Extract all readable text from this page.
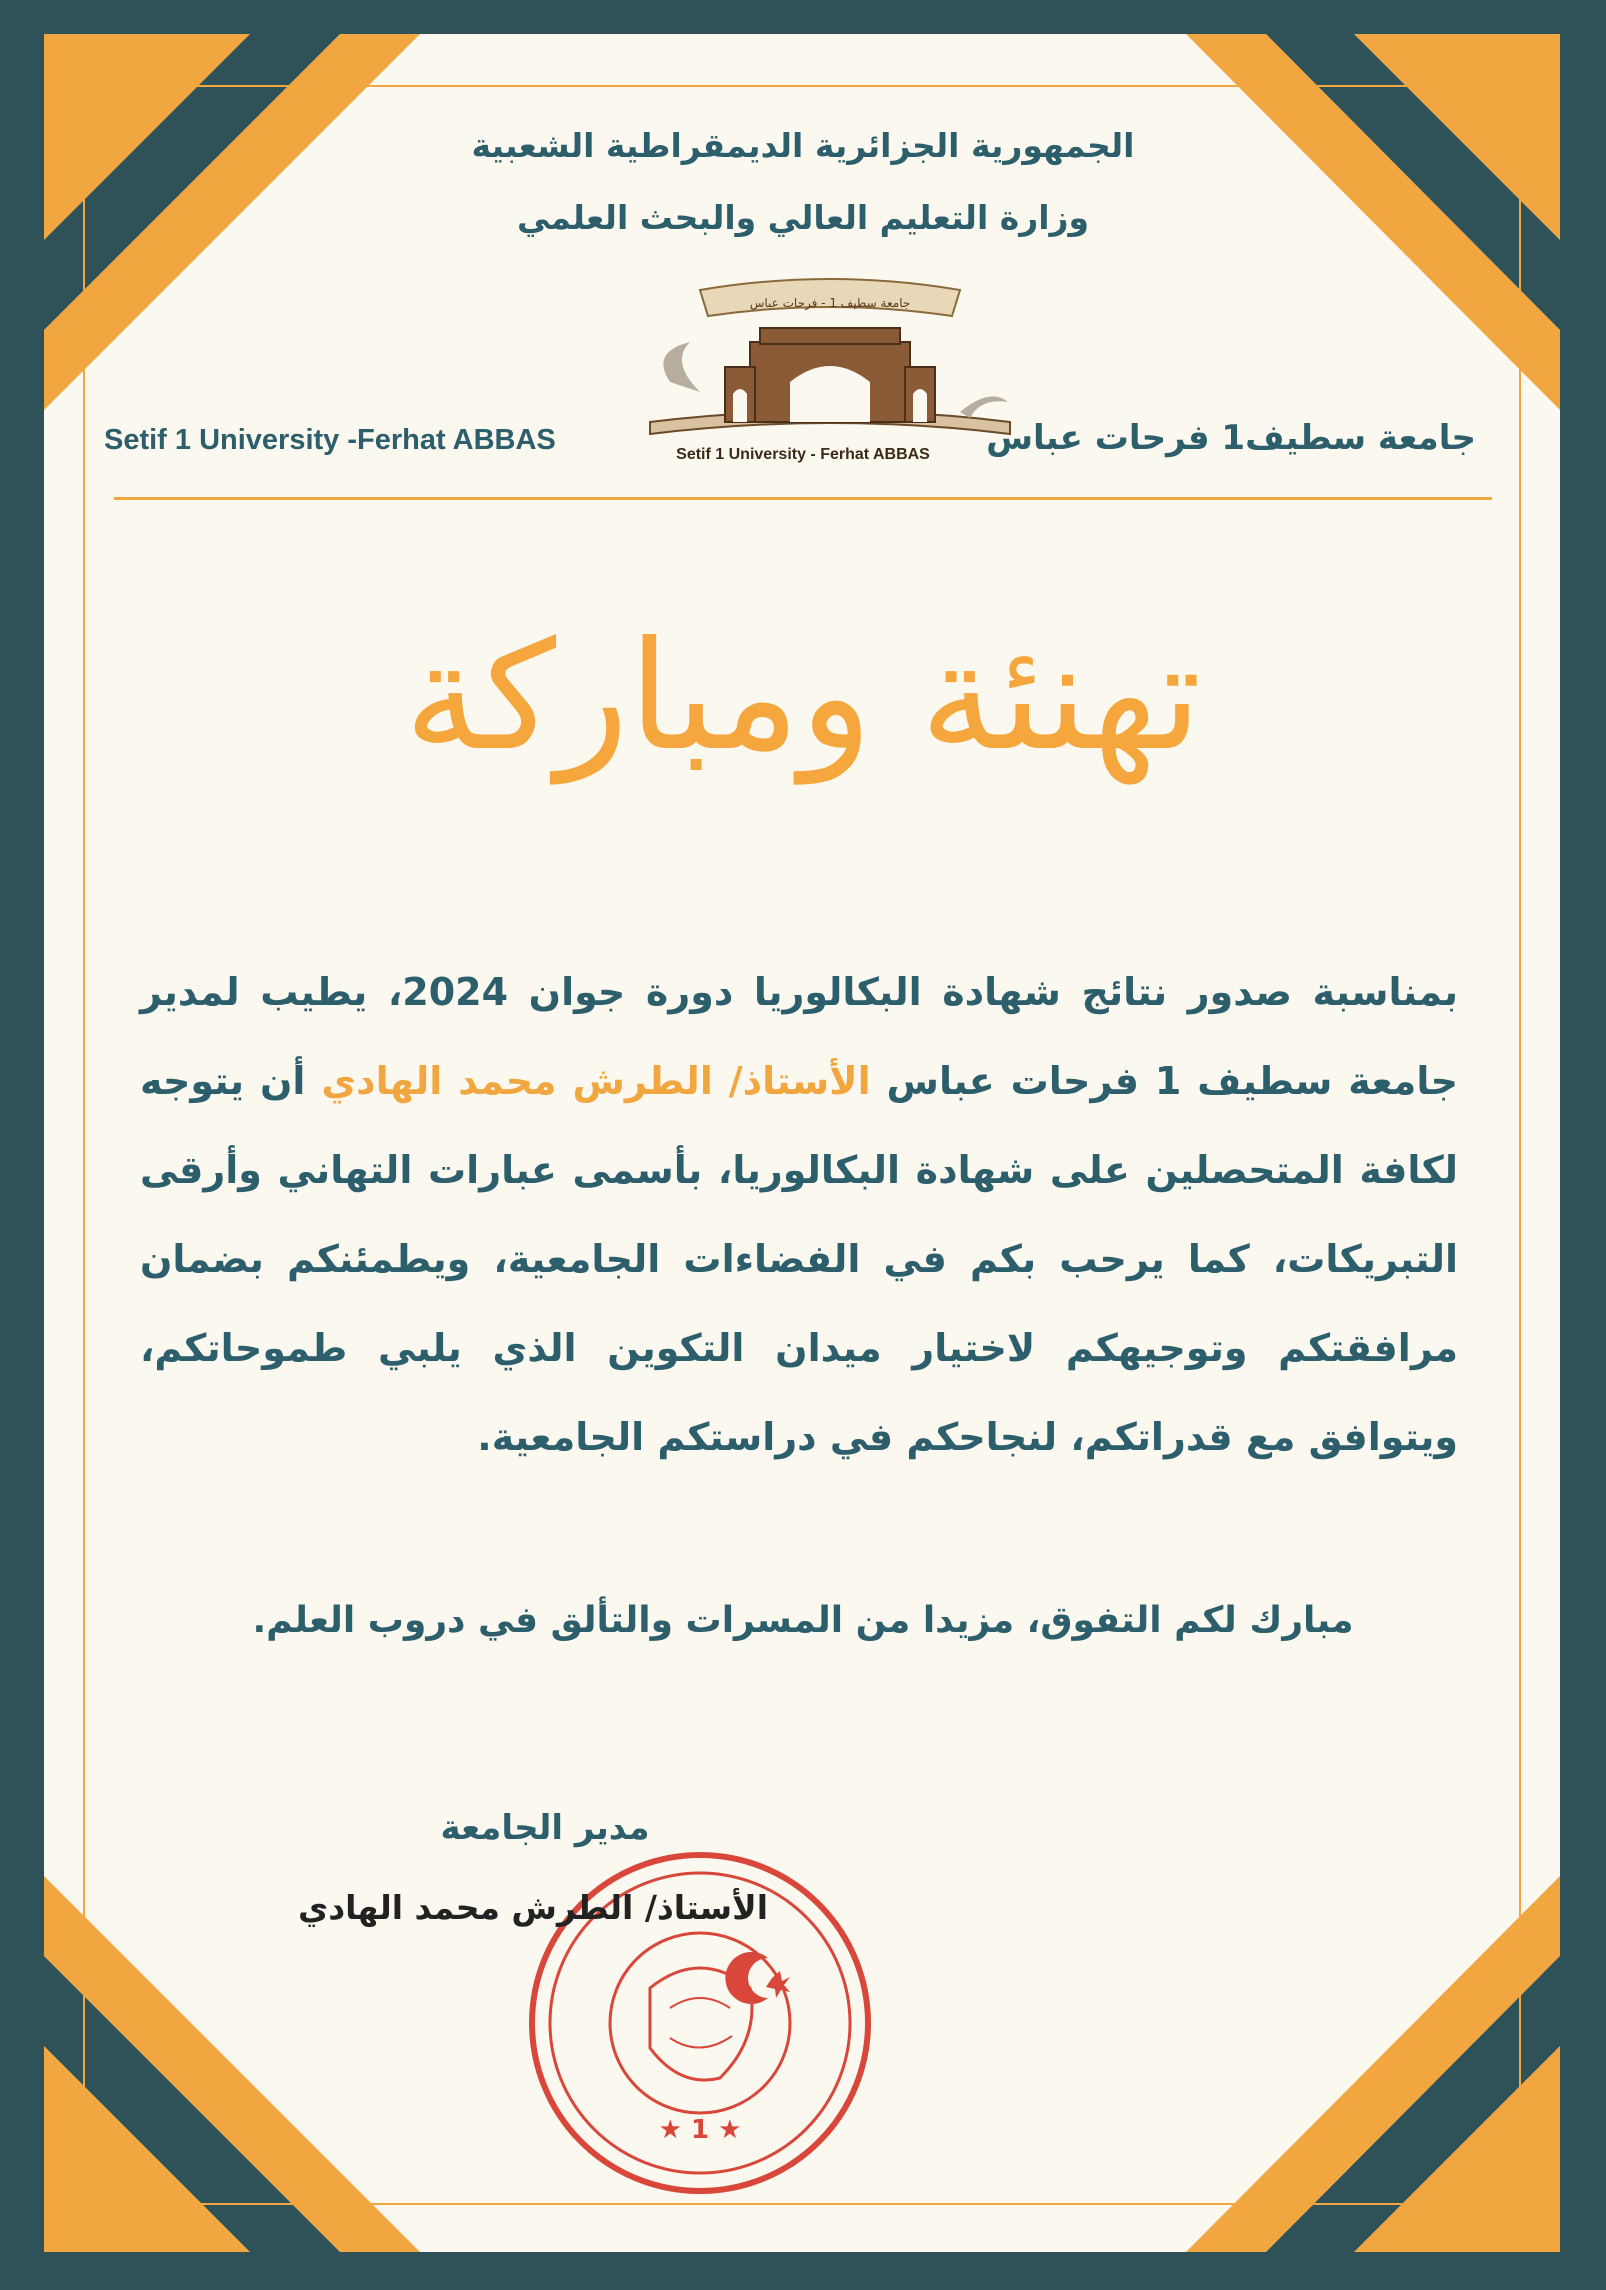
الجمهورية الجزائرية الديمقراطية الشعبية
وزارة التعليم العالي والبحث العلمي
جامعة سطيف 1 - فرحات عباس
Setif 1 University - Ferhat ABBAS
Setif 1 University -Ferhat ABBAS	جامعة سطيف1 فرحات عباس
تهنئة ومباركة
بمناسبة صدور نتائج شهادة البكالوريا دورة جوان 2024، يطيب لمدير جامعة سطيف 1 فرحات عباس الأستاذ/ الطرش محمد الهادي أن يتوجه لكافة المتحصلين على شهادة البكالوريا، بأسمى عبارات التهاني وأرقى التبريكات، كما يرحب بكم في الفضاءات الجامعية، ويطمئنكم بضمان مرافقتكم وتوجيهكم لاختيار ميدان التكوين الذي يلبي طموحاتكم، ويتوافق مع قدراتكم، لنجاحكم في دراستكم الجامعية.
مبارك لكم التفوق، مزيدا من المسرات والتألق في دروب العلم.
مدير الجامعة
★ 1 ★
الأستاذ/ الطرش محمد الهادي
